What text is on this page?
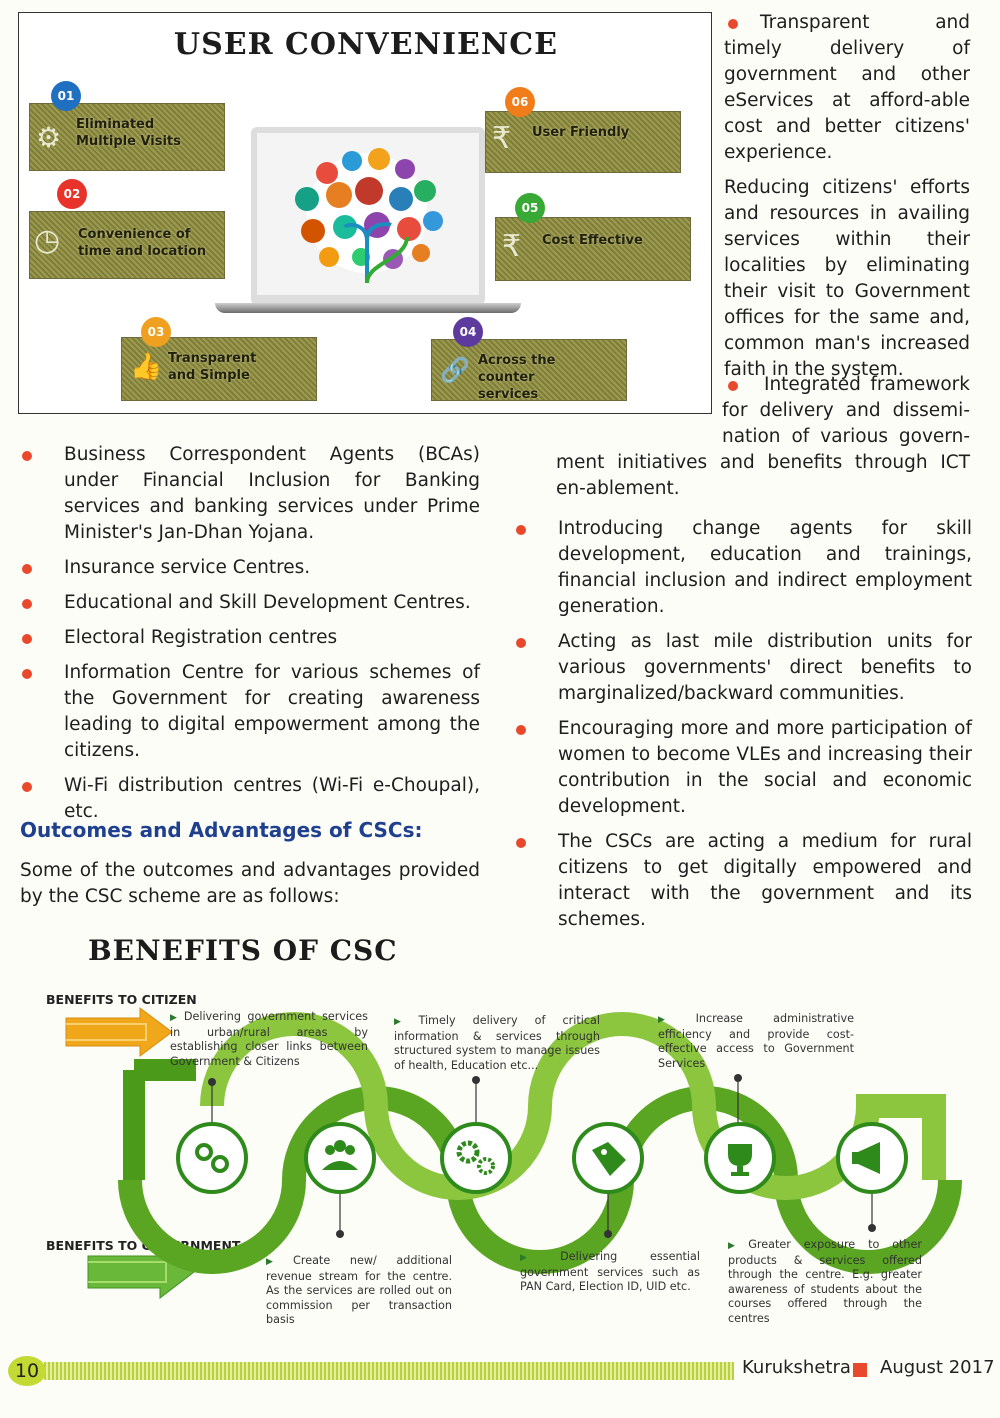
USER CONVENIENCE
⚙ Eliminated Multiple Visits
01
◷ Convenience of time and location
02
👍 Transparent and Simple
03
🔗 Across the counter services
04
₹ Cost Effective
05
₹ User Friendly
06
Transparent and timely delivery of government and other eServices at afford-able cost and better citizens' experience.

Reducing citizens' efforts and resources in availing services within their localities by eliminating their visit to Government offices for the same and, common man's increased faith in the system.

Integrated framework for delivery and dissemi-nation of various govern-ment initiatives and benefits through ICT en-ablement.
Introducing change agents for skill development, education and trainings, financial inclusion and indirect employment generation.
Acting as last mile distribution units for various governments' direct benefits to marginalized/backward communities.
Encouraging more and more participation of women to become VLEs and increasing their contribution in the social and economic development.
The CSCs are acting a medium for rural citizens to get digitally empowered and interact with the government and its schemes.
Business Correspondent Agents (BCAs) under Financial Inclusion for Banking services and banking services under Prime Minister's Jan-Dhan Yojana.
Insurance service Centres.
Educational and Skill Development Centres.
Electoral Registration centres
Information Centre for various schemes of the Government for creating awareness leading to digital empowerment among the citizens.
Wi-Fi distribution centres (Wi-Fi e-Choupal), etc.
Outcomes and Advantages of CSCs:
Some of the outcomes and advantages provided by the CSC scheme are as follows:
BENEFITS OF CSC
BENEFITS TO CITIZEN
BENEFITS TO GOVERNMENT
▶ Delivering government services in urban/rural areas by establishing closer links between Government & Citizens
▶ Timely delivery of critical information & services through structured system to manage issues of health, Education etc...
▶ Increase administrative efficiency and provide cost-effective access to Government Services
▶ Create new/ additional revenue stream for the centre. As the services are rolled out on commission per transaction basis
▶ Delivering essential government services such as PAN Card, Election ID, UID etc.
▶ Greater exposure to other products & services offered through the centre. E.g. greater awareness of students about the courses offered through the centres
10	Kurukshetra August 2017
